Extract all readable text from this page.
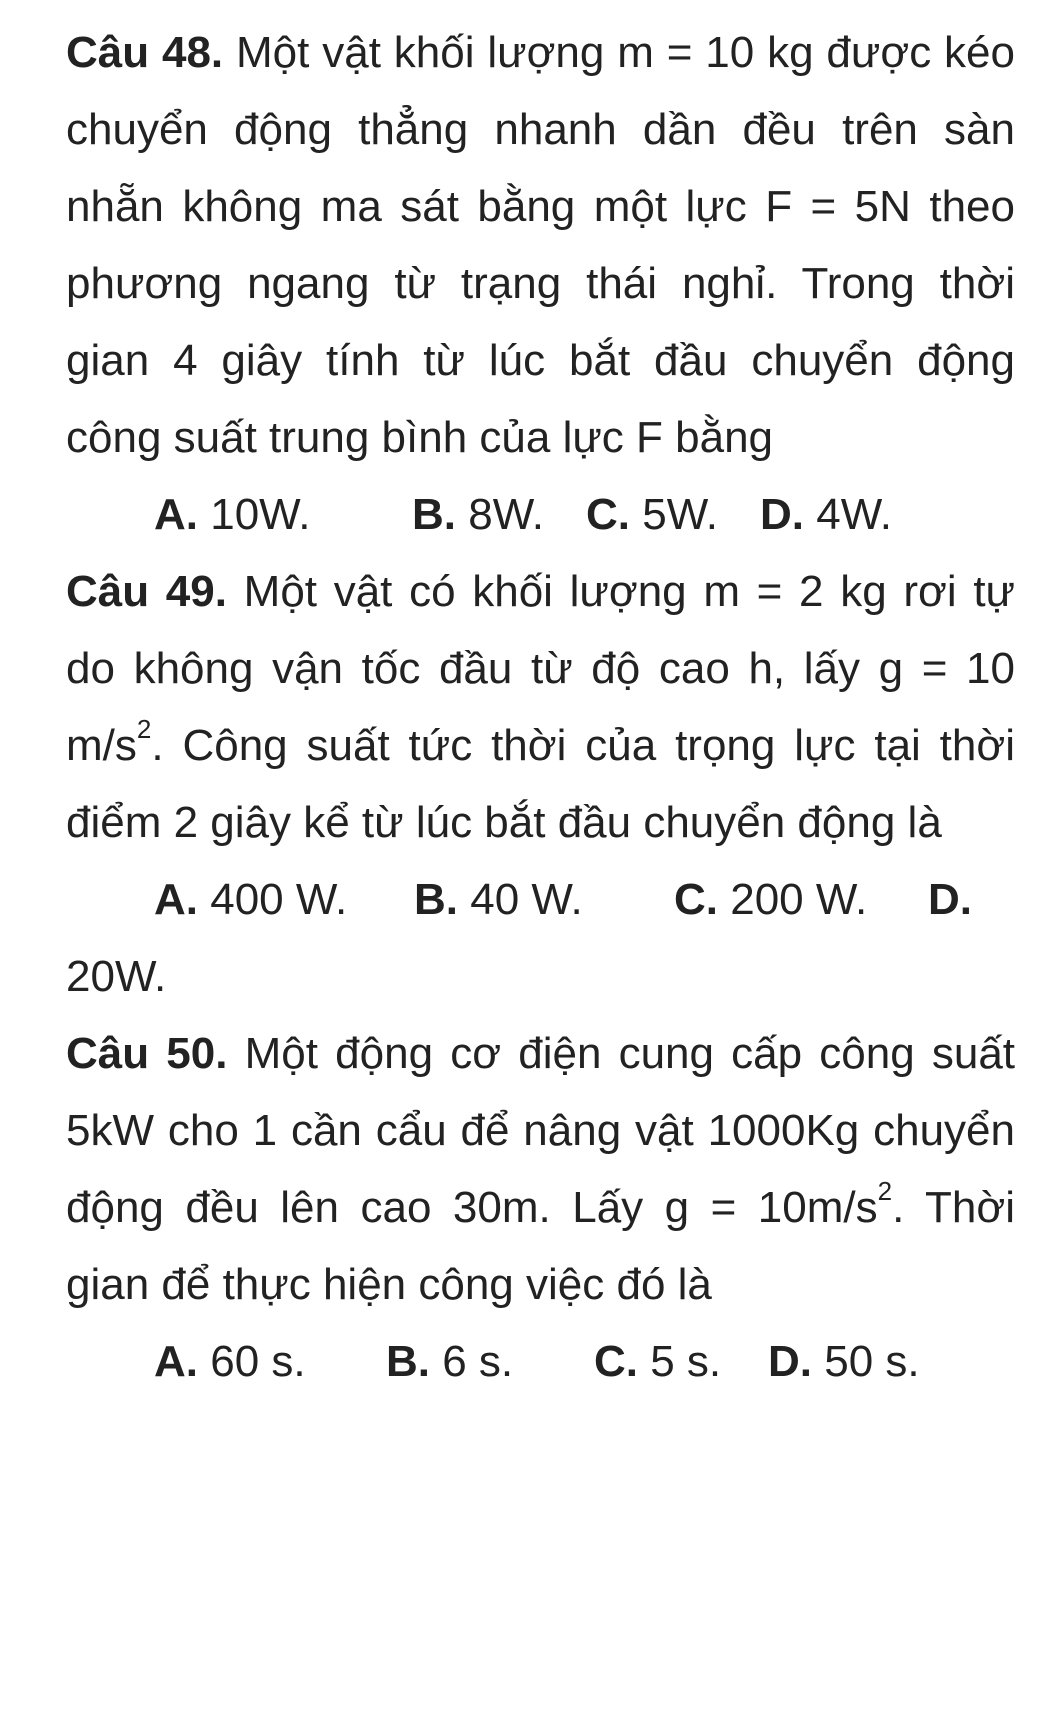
Câu 48. Một vật khối lượng m = 10 kg được kéo chuyển động thẳng nhanh dần đều trên sàn nhẵn không ma sát bằng một lực F = 5N theo phương ngang từ trạng thái nghỉ. Trong thời gian 4 giây tính từ lúc bắt đầu chuyển động công suất trung bình của lực F bằng

A. 10W. B. 8W. C. 5W. D. 4W.

Câu 49. Một vật có khối lượng m = 2 kg rơi tự do không vận tốc đầu từ độ cao h, lấy g = 10 $m/s^2$. Công suất tức thời của trọng lực tại thời điểm 2 giây kể từ lúc bắt đầu chuyển động là

A. 400 W. B. 40 W. C. 200 W. D.

20W.

Câu 50. Một động cơ điện cung cấp công suất 5kW cho 1 cần cẩu để nâng vật 1000Kg chuyển động đều lên cao 30m. Lấy $g = 10m/s^2$. Thời gian để thực hiện công việc đó là

A. 60 s. B. 6 s. C. 5 s. D. 50 s.
